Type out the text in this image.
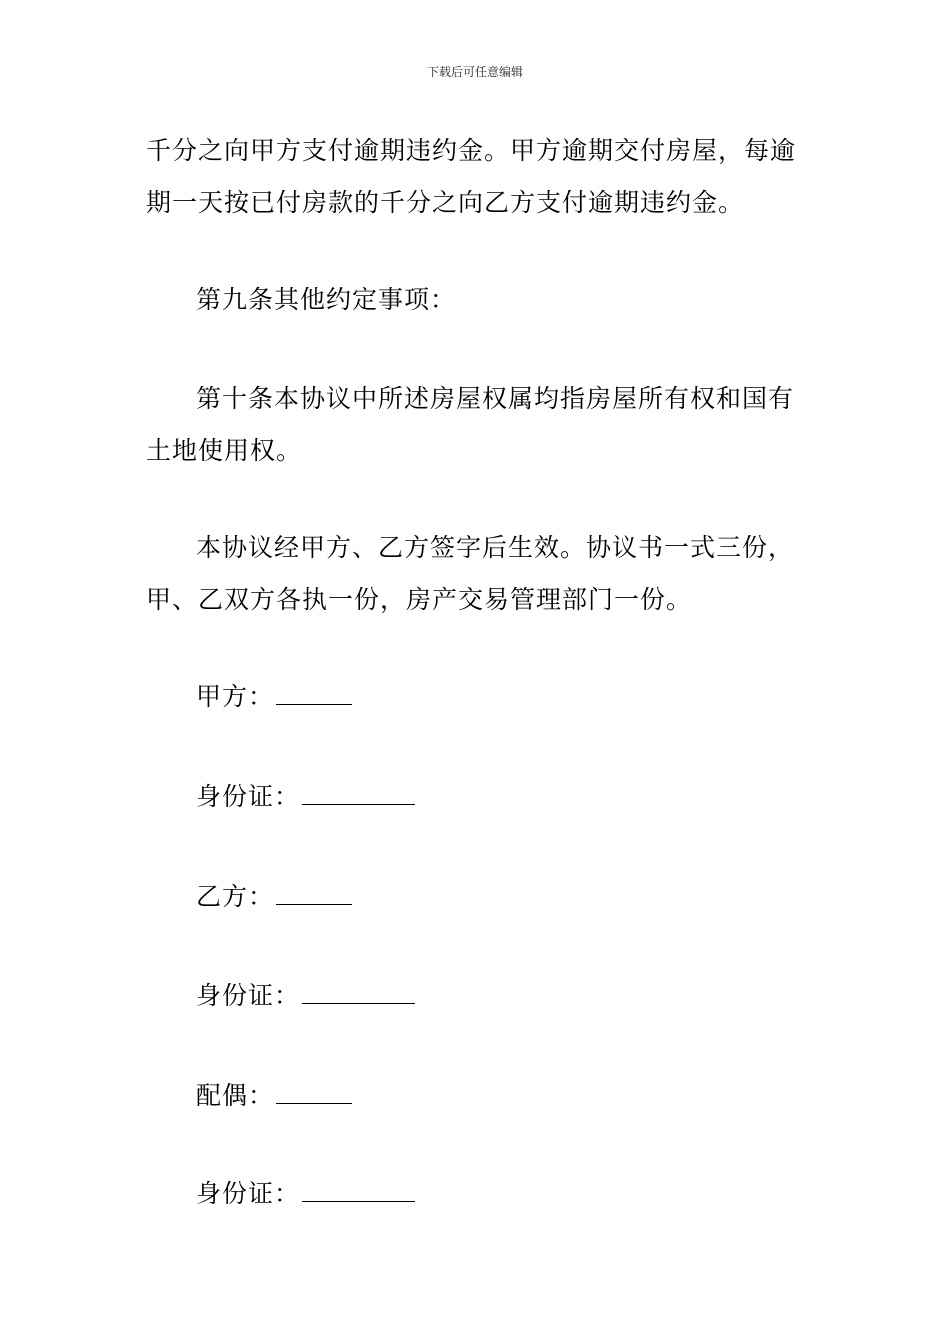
下载后可任意编辑
千分之向甲方支付逾期违约金。甲方逾期交付房屋，每逾期一天按已付房款的千分之向乙方支付逾期违约金。
第九条其他约定事项：
第十条本协议中所述房屋权属均指房屋所有权和国有土地使用权。
本协议经甲方、乙方签字后生效。协议书一式三份，甲、乙双方各执一份，房产交易管理部门一份。
甲方：
身份证：
乙方：
身份证：
配偶：
身份证：
